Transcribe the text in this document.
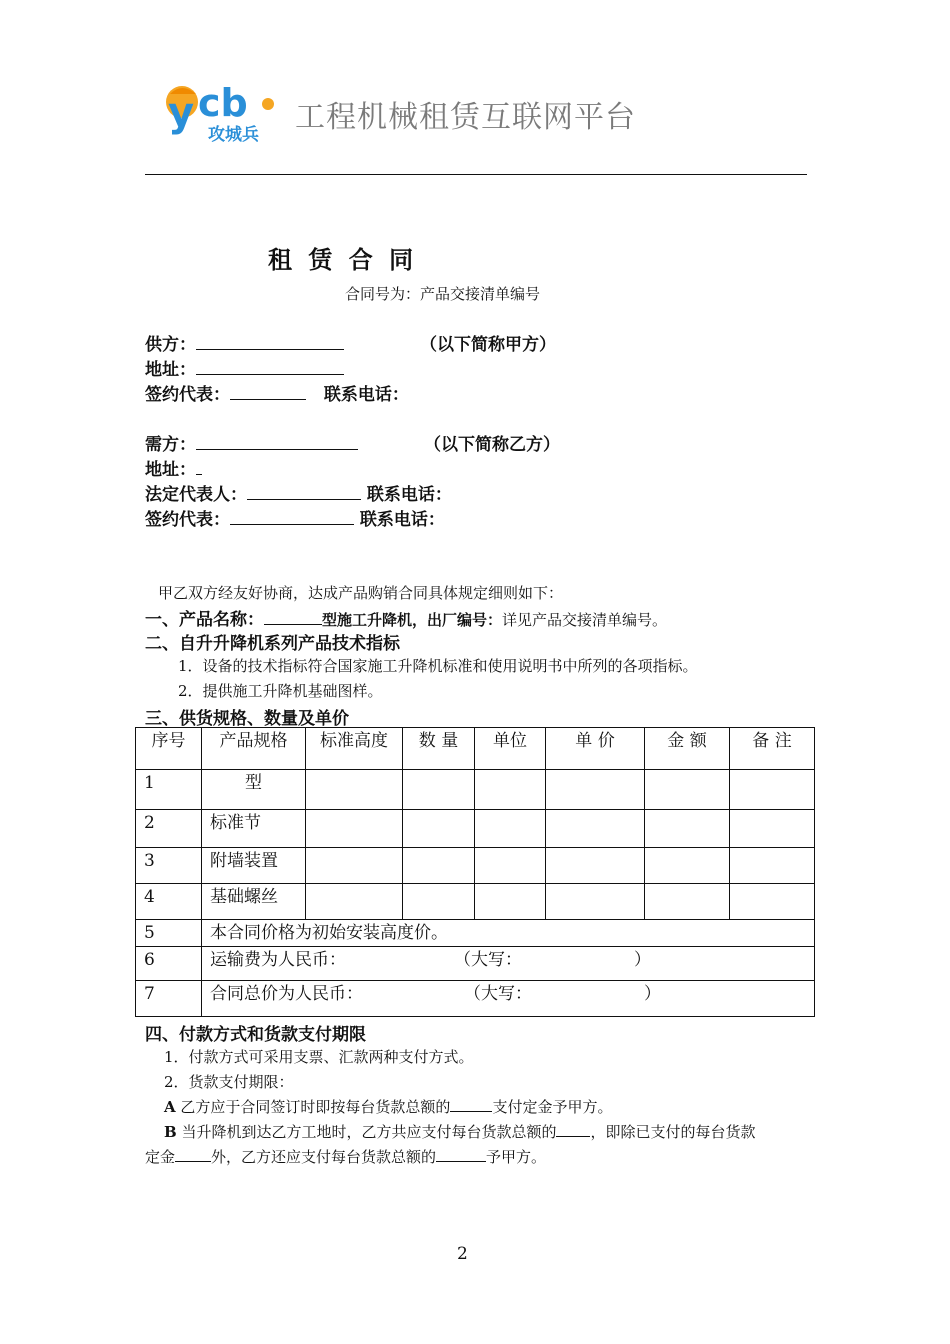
y cb
攻城兵 工程机械租赁互联网平台
租 赁 合 同
合同号为：产品交接清单编号
供方：	（以下简称甲方）
地址：
签约代表：	联系电话：
需方：	（以下简称乙方）
地址：
法定代表人：	联系电话：
签约代表：	联系电话：
甲乙双方经友好协商，达成产品购销合同具体规定细则如下：
一、产品名称：	型施工升降机，出厂编号：详见产品交接清单编号。
二、自升升降机系列产品技术指标
1．设备的技术指标符合国家施工升降机标准和使用说明书中所列的各项指标。
2．提供施工升降机基础图样。
三、供货规格、数量及单价
序号	产品规格	标准高度	数 量	单位	单 价	金 额	备 注
1	型						
2	标准节						
3	附墙装置						
4	基础螺丝						
5	本合同价格为初始安装高度价。						
6	运输费为人民币： （大写： ）						
7	合同总价为人民币： （大写： ）						
四、付款方式和货款支付期限
1．付款方式可采用支票、汇款两种支付方式。
2．货款支付期限：
A 乙方应于合同签订时即按每台货款总额的	支付定金予甲方。
B 当升降机到达乙方工地时，乙方共应支付每台货款总额的 ，即除已支付的每台货款
定金 外，乙方还应支付每台货款总额的	予甲方。
2
